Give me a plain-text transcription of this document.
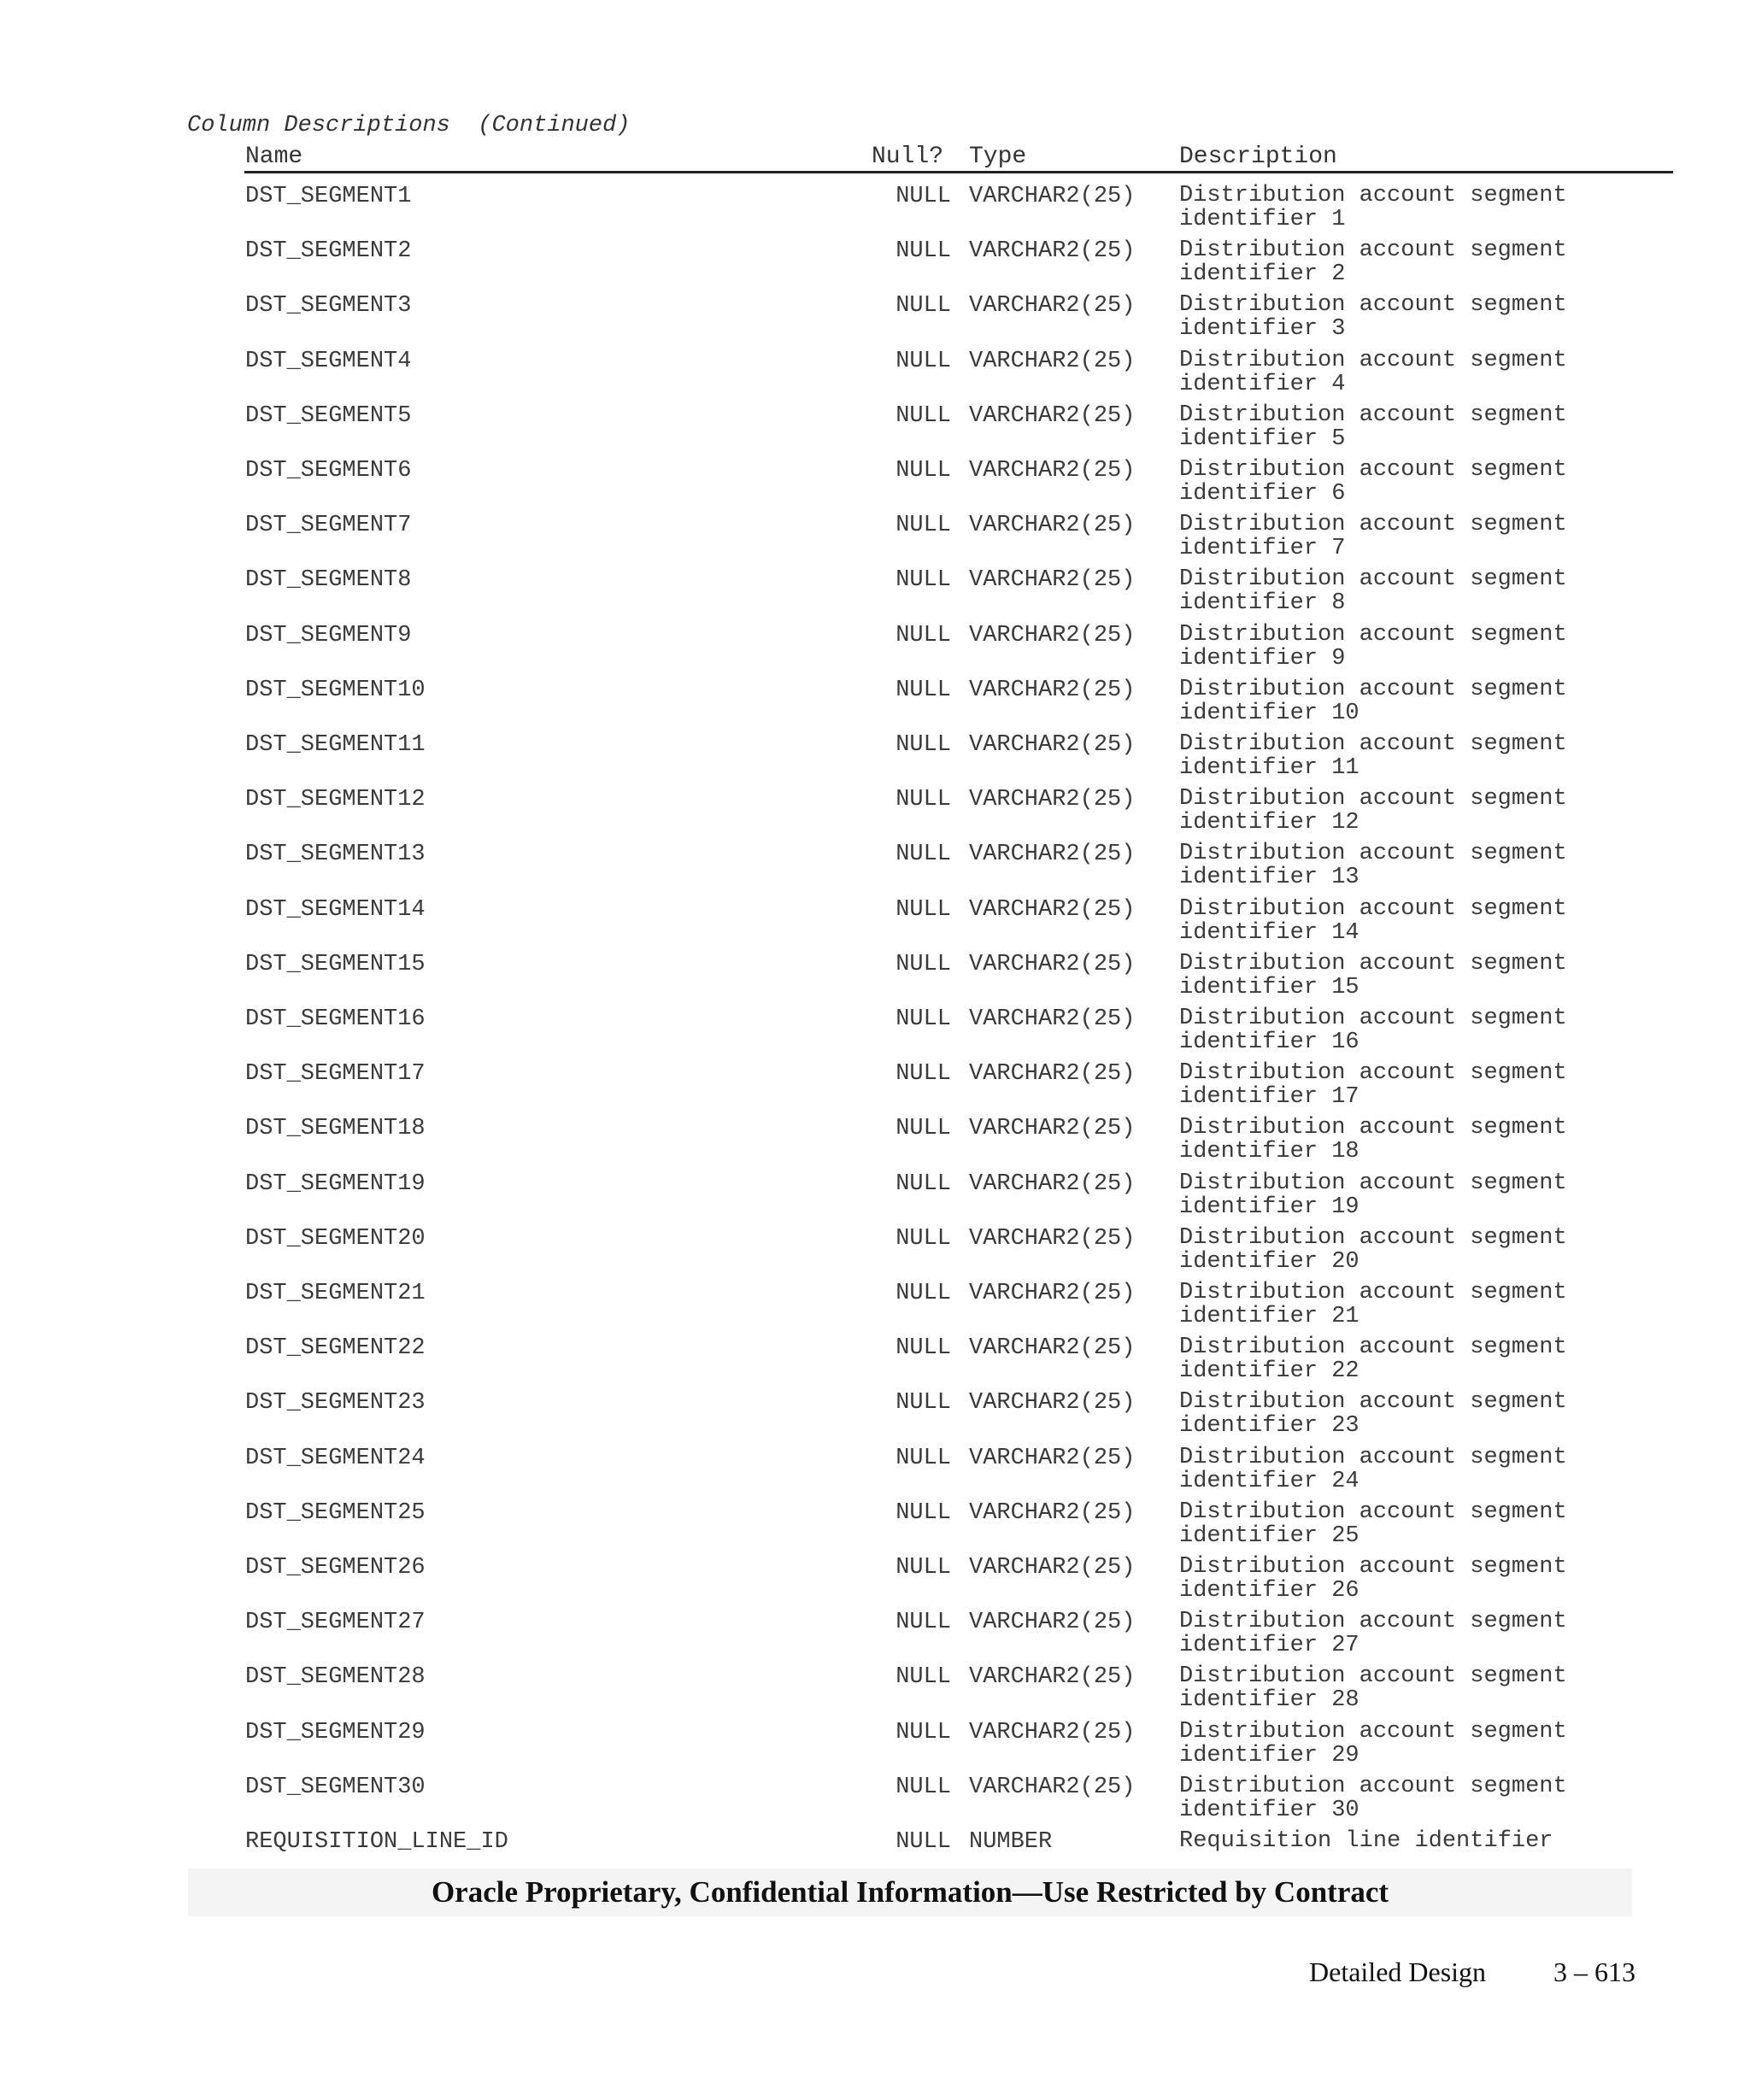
Column Descriptions  (Continued)
Name	Null? Type	Description
DST_SEGMENT1	NULL VARCHAR2(25) Distribution account segment identifier 1
DST_SEGMENT2	NULL VARCHAR2(25) Distribution account segment identifier 2
DST_SEGMENT3	NULL VARCHAR2(25) Distribution account segment identifier 3
DST_SEGMENT4	NULL VARCHAR2(25) Distribution account segment identifier 4
DST_SEGMENT5	NULL VARCHAR2(25) Distribution account segment identifier 5
DST_SEGMENT6	NULL VARCHAR2(25) Distribution account segment identifier 6
DST_SEGMENT7	NULL VARCHAR2(25) Distribution account segment identifier 7
DST_SEGMENT8	NULL VARCHAR2(25) Distribution account segment identifier 8
DST_SEGMENT9	NULL VARCHAR2(25) Distribution account segment identifier 9
DST_SEGMENT10	NULL VARCHAR2(25) Distribution account segment identifier 10
DST_SEGMENT11	NULL VARCHAR2(25) Distribution account segment identifier 11
DST_SEGMENT12	NULL VARCHAR2(25) Distribution account segment identifier 12
DST_SEGMENT13	NULL VARCHAR2(25) Distribution account segment identifier 13
DST_SEGMENT14	NULL VARCHAR2(25) Distribution account segment identifier 14
DST_SEGMENT15	NULL VARCHAR2(25) Distribution account segment identifier 15
DST_SEGMENT16	NULL VARCHAR2(25) Distribution account segment identifier 16
DST_SEGMENT17	NULL VARCHAR2(25) Distribution account segment identifier 17
DST_SEGMENT18	NULL VARCHAR2(25) Distribution account segment identifier 18
DST_SEGMENT19	NULL VARCHAR2(25) Distribution account segment identifier 19
DST_SEGMENT20	NULL VARCHAR2(25) Distribution account segment identifier 20
DST_SEGMENT21	NULL VARCHAR2(25) Distribution account segment identifier 21
DST_SEGMENT22	NULL VARCHAR2(25) Distribution account segment identifier 22
DST_SEGMENT23	NULL VARCHAR2(25) Distribution account segment identifier 23
DST_SEGMENT24	NULL VARCHAR2(25) Distribution account segment identifier 24
DST_SEGMENT25	NULL VARCHAR2(25) Distribution account segment identifier 25
DST_SEGMENT26	NULL VARCHAR2(25) Distribution account segment identifier 26
DST_SEGMENT27	NULL VARCHAR2(25) Distribution account segment identifier 27
DST_SEGMENT28	NULL VARCHAR2(25) Distribution account segment identifier 28
DST_SEGMENT29	NULL VARCHAR2(25) Distribution account segment identifier 29
DST_SEGMENT30	NULL VARCHAR2(25) Distribution account segment identifier 30
REQUISITION_LINE_ID	NULL NUMBER	Requisition line identifier
Oracle Proprietary, Confidential Information––Use Restricted by Contract
Detailed Design 3 – 613
